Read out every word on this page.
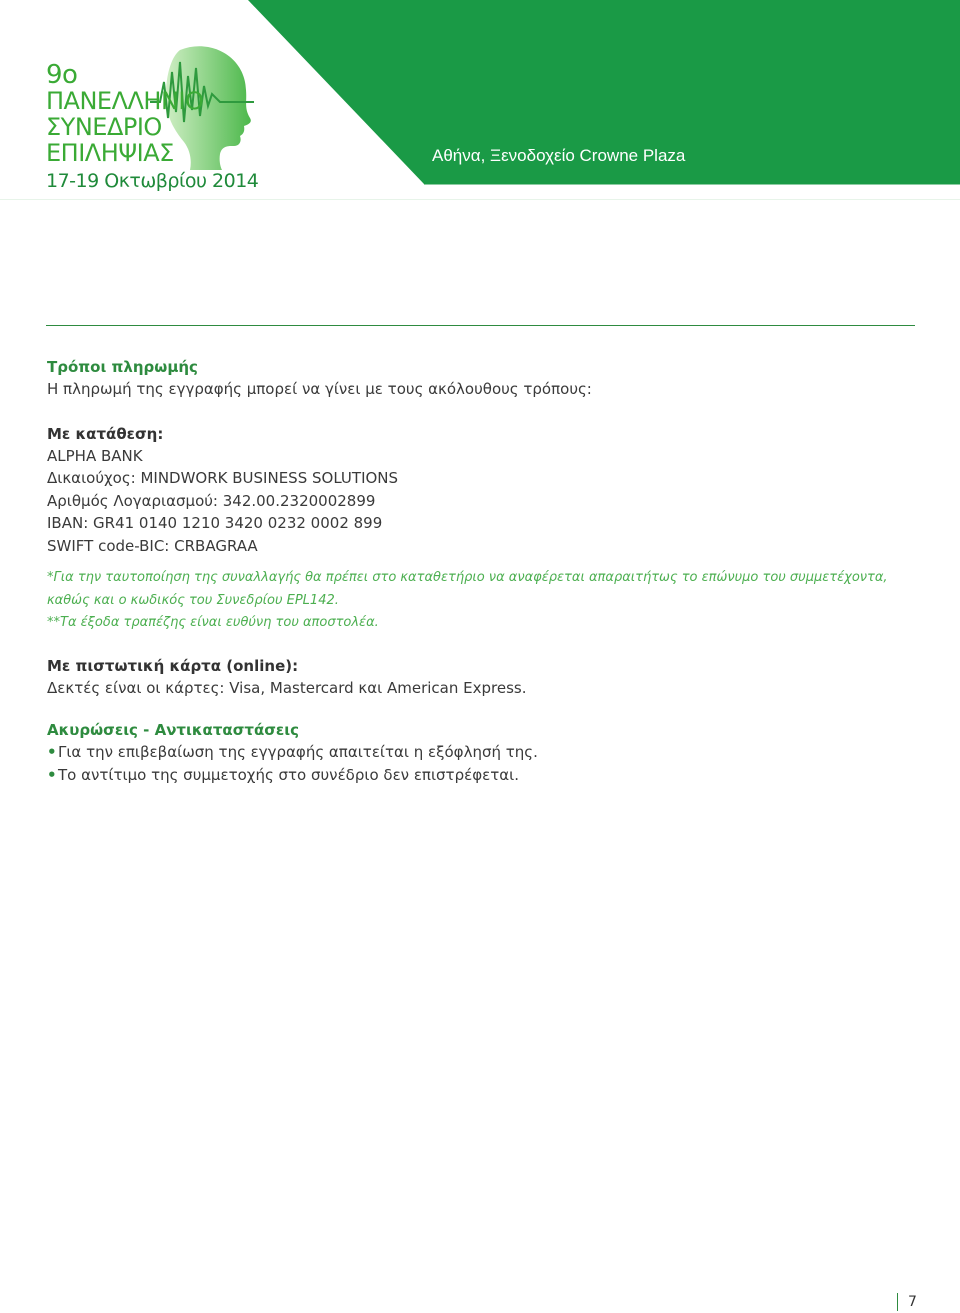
9o
ΠΑΝΕΛΛΗΝΙΟ
ΣΥΝΕΔΡΙΟ
ΕΠΙΛΗΨΙΑΣ
17-19 Οκτωβρίου 2014
Αθήνα, Ξενοδοχείο Crowne Plaza
Τρόποι πληρωμής
Η πληρωμή της εγγραφής μπορεί να γίνει με τους ακόλουθους τρόπους:
Με κατάθεση:
ALPHA BANK
Δικαιούχος: MINDWORK BUSINESS SOLUTIONS
Αριθμός Λογαριασμού: 342.00.2320002899
IBAN: GR41 0140 1210 3420 0232 0002 899
SWIFT code-BIC: CRBAGRAA
*Για την ταυτοποίηση της συναλλαγής θα πρέπει στο καταθετήριο να αναφέρεται απαραιτήτως το επώνυμο του συμμετέχοντα,
καθώς και ο κωδικός του Συνεδρίου EPL142.
**Τα έξοδα τραπέζης είναι ευθύνη του αποστολέα.
Με πιστωτική κάρτα (online):
Δεκτές είναι οι κάρτες: Visa, Mastercard και American Express.
Ακυρώσεις - Αντικαταστάσεις
• Για την επιβεβαίωση της εγγραφής απαιτείται η εξόφλησή της.
• Το αντίτιμο της συμμετοχής στο συνέδριο δεν επιστρέφεται.
7
